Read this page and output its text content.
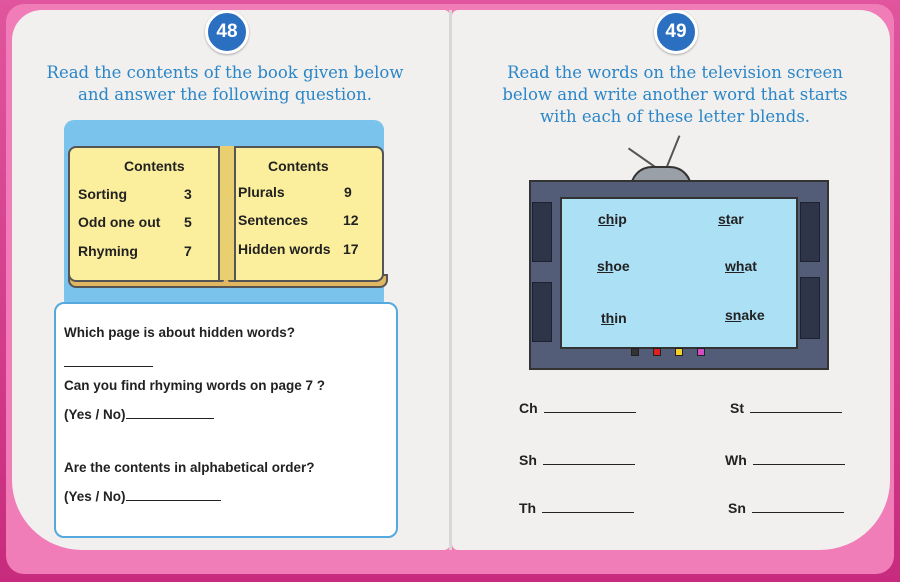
48	49
Read the contents of the book given below
and answer the following question.
Contents
Sorting	3
Odd one out 5
Rhyming	7
Contents
Plurals	9
Sentences 12
Hidden words 17
Which page is about hidden words?
Can you find rhyming words on page 7 ?
(Yes / No)
Are the contents in alphabetical order?
(Yes / No)
Read the words on the television screen
below and write another word that starts
with each of these letter blends.
chip	star
shoe	what
thin	snake
Ch	St
Sh	Wh
Th	Sn
